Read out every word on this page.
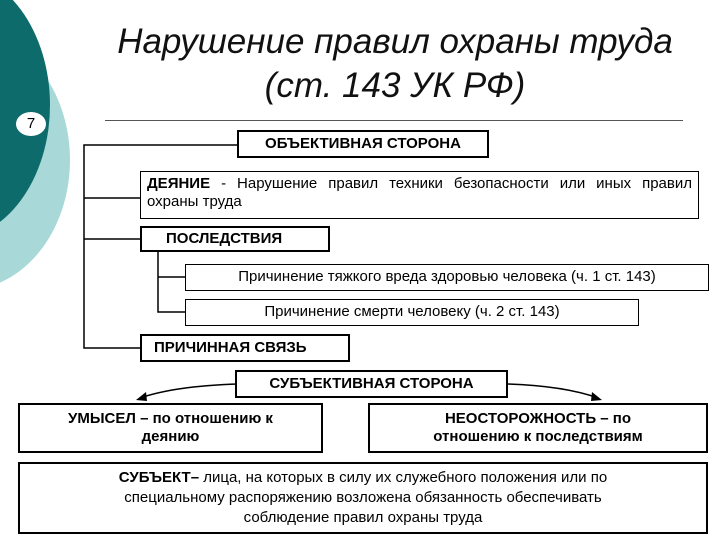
7
Нарушение правил охраны труда
(ст. 143 УК РФ)
ОБЪЕКТИВНАЯ СТОРОНА
ДЕЯНИЕ - Нарушение правил техники безопасности или иных правил охраны труда
ПОСЛЕДСТВИЯ
Причинение тяжкого вреда здоровью человека (ч. 1 ст. 143)
Причинение смерти человеку (ч. 2 ст. 143)
ПРИЧИННАЯ СВЯЗЬ
СУБЪЕКТИВНАЯ СТОРОНА
УМЫСЕЛ – по отношению к
деянию
НЕОСТОРОЖНОСТЬ – по
отношению к последствиям
СУБЪЕКТ– лица, на которых в силу их служебного положения или по
специальному распоряжению возложена обязанность обеспечивать
соблюдение правил охраны труда
